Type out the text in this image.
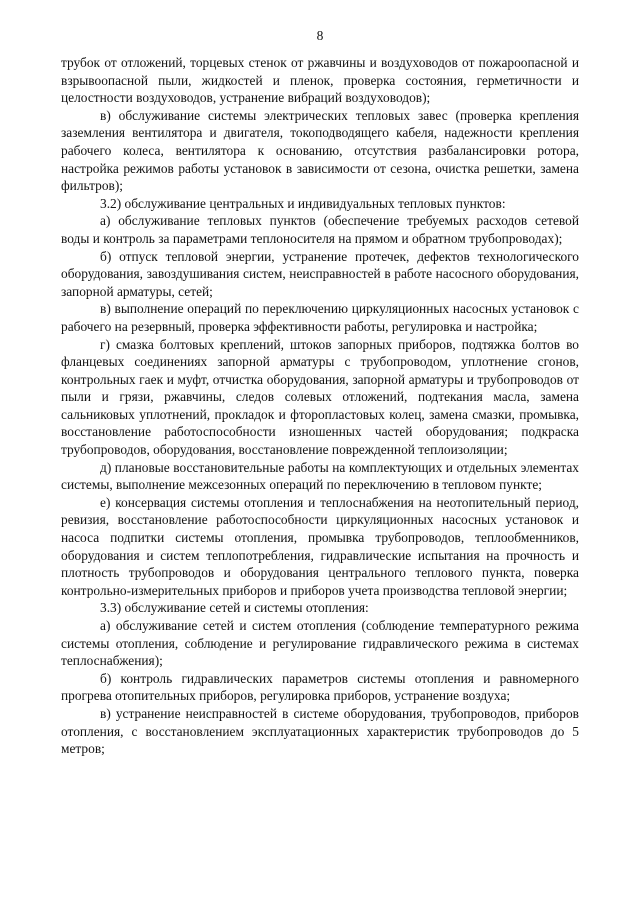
8

трубок от отложений, торцевых стенок от ржавчины и воздуховодов от пожароопасной и взрывоопасной пыли, жидкостей и пленок, проверка состояния, герметичности и целостности воздуховодов, устранение вибраций воздуховодов);

в) обслуживание системы электрических тепловых завес (проверка крепления заземления вентилятора и двигателя, токоподводящего кабеля, надежности крепления рабочего колеса, вентилятора к основанию, отсутствия разбалансировки ротора, настройка режимов работы установок в зависимости от сезона, очистка решетки, замена фильтров);

3.2) обслуживание центральных и индивидуальных тепловых пунктов:

а) обслуживание тепловых пунктов (обеспечение требуемых расходов сетевой воды и контроль за параметрами теплоносителя на прямом и обратном трубопроводах);

б) отпуск тепловой энергии, устранение протечек, дефектов технологического оборудования, завоздушивания систем, неисправностей в работе насосного оборудования, запорной арматуры, сетей;

в) выполнение операций по переключению циркуляционных насосных установок с рабочего на резервный, проверка эффективности работы, регулировка и настройка;

г) смазка болтовых креплений, штоков запорных приборов, подтяжка болтов во фланцевых соединениях запорной арматуры с трубопроводом, уплотнение сгонов, контрольных гаек и муфт, отчистка оборудования, запорной арматуры и трубопроводов от пыли и грязи, ржавчины, следов солевых отложений, подтекания масла, замена сальниковых уплотнений, прокладок и фторопластовых колец, замена смазки, промывка, восстановление работоспособности изношенных частей оборудования; подкраска трубопроводов, оборудования, восстановление поврежденной теплоизоляции;

д) плановые восстановительные работы на комплектующих и отдельных элементах системы, выполнение межсезонных операций по переключению в тепловом пункте;

е) консервация системы отопления и теплоснабжения на неотопительный период, ревизия, восстановление работоспособности циркуляционных насосных установок и насоса подпитки системы отопления, промывка трубопроводов, теплообменников, оборудования и систем теплопотребления, гидравлические испытания на прочность и плотность трубопроводов и оборудования центрального теплового пункта, поверка контрольно-измерительных приборов и приборов учета производства тепловой энергии;

3.3) обслуживание сетей и системы отопления:

а) обслуживание сетей и систем отопления (соблюдение температурного режима системы отопления, соблюдение и регулирование гидравлического режима в системах теплоснабжения);

б) контроль гидравлических параметров системы отопления и равномерного прогрева отопительных приборов, регулировка приборов, устранение воздуха;

в) устранение неисправностей в системе оборудования, трубопроводов, приборов отопления, с восстановлением эксплуатационных характеристик трубопроводов до 5 метров;
